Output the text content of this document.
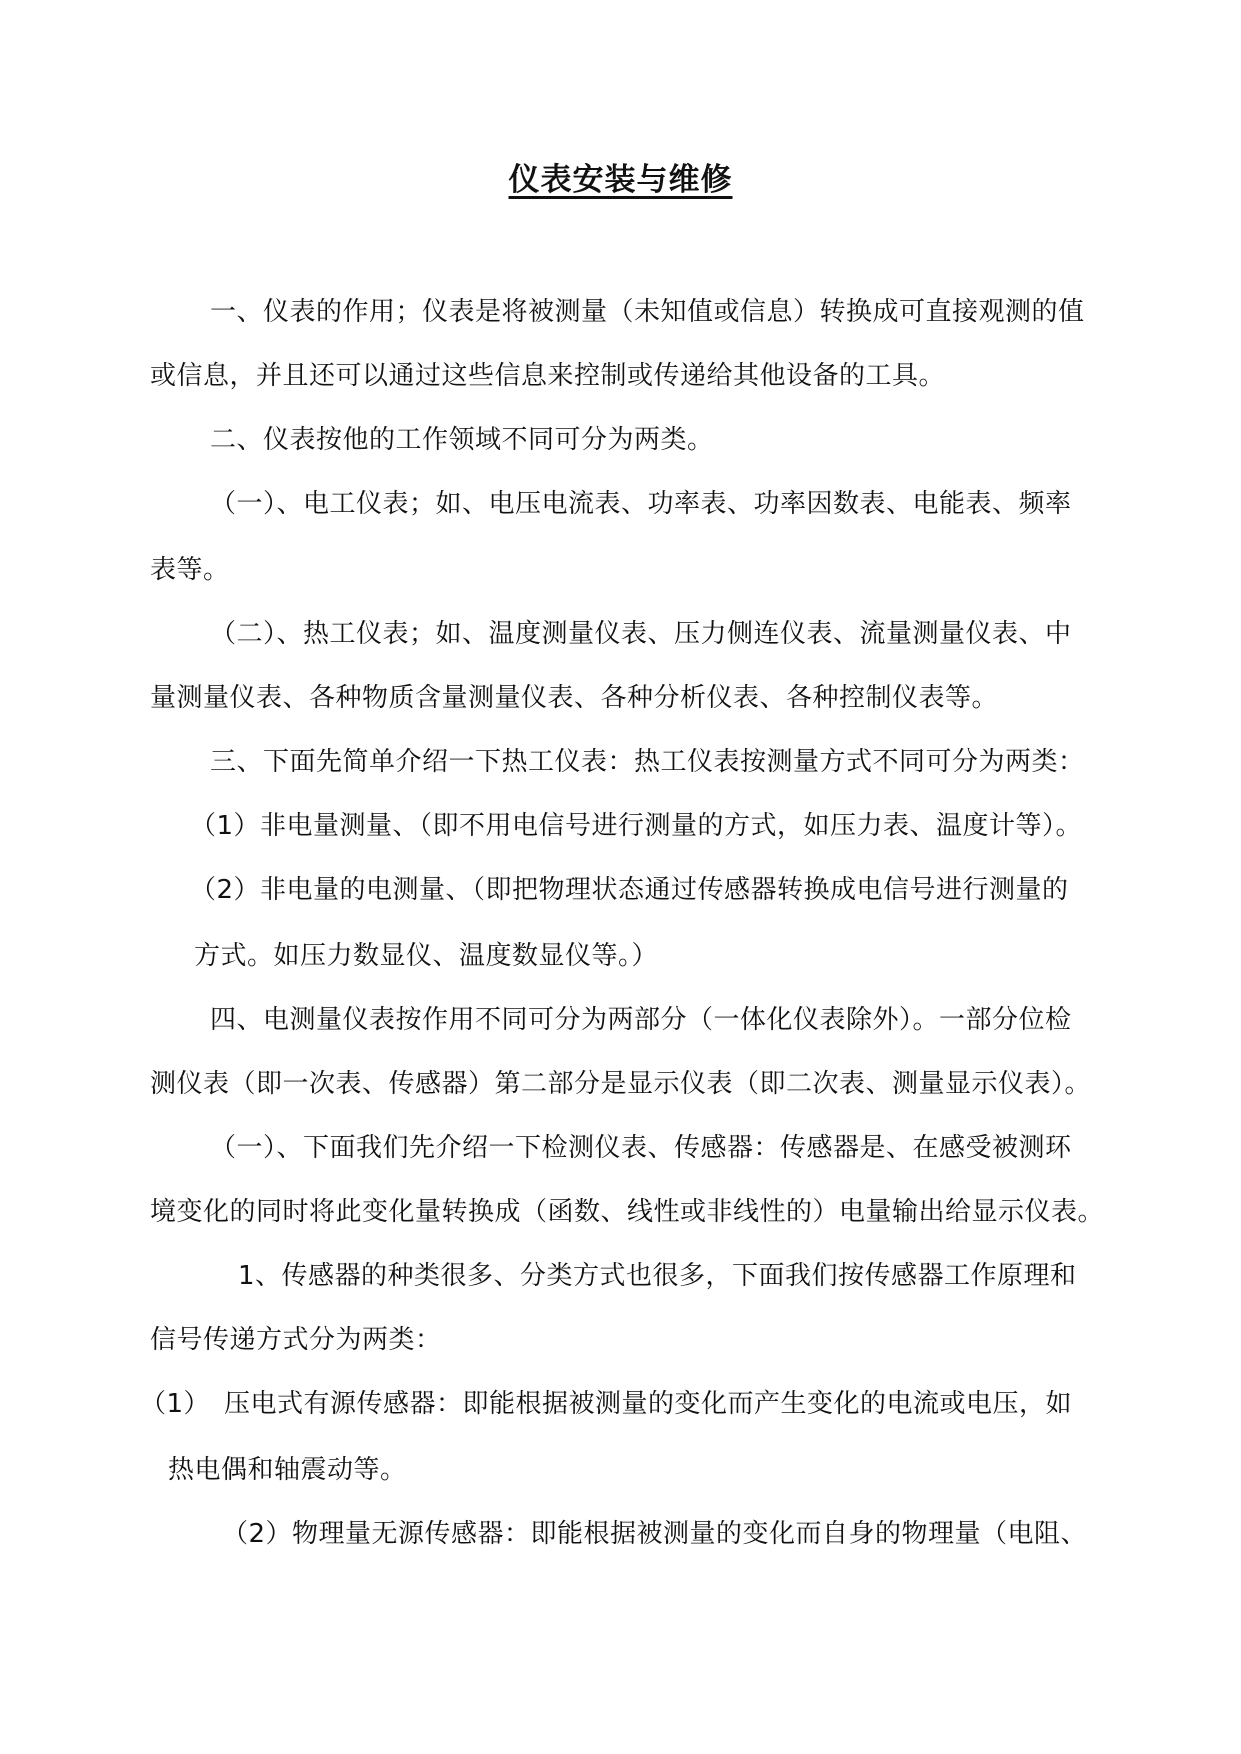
仪表安装与维修
一、仪表的作用；仪表是将被测量（未知值或信息）转换成可直接观测的值
或信息，并且还可以通过这些信息来控制或传递给其他设备的工具。
二、仪表按他的工作领域不同可分为两类。
（一）、电工仪表；如、电压电流表、功率表、功率因数表、电能表、频率
表等。
（二）、热工仪表；如、温度测量仪表、压力侧连仪表、流量测量仪表、中
量测量仪表、各种物质含量测量仪表、各种分析仪表、各种控制仪表等。
三、下面先简单介绍一下热工仪表：热工仪表按测量方式不同可分为两类：
（1）非电量测量、（即不用电信号进行测量的方式，如压力表、温度计等）。
（2）非电量的电测量、（即把物理状态通过传感器转换成电信号进行测量的
方式。如压力数显仪、温度数显仪等。）
四、电测量仪表按作用不同可分为两部分（一体化仪表除外）。一部分位检
测仪表（即一次表、传感器）第二部分是显示仪表（即二次表、测量显示仪表）。
（一）、下面我们先介绍一下检测仪表、传感器：传感器是、在感受被测环
境变化的同时将此变化量转换成（函数、线性或非线性的）电量输出给显示仪表。
1、传感器的种类很多、分类方式也很多，下面我们按传感器工作原理和
信号传递方式分为两类：
（1） 压电式有源传感器：即能根据被测量的变化而产生变化的电流或电压，如
热电偶和轴震动等。
（2）物理量无源传感器：即能根据被测量的变化而自身的物理量（电阻、
